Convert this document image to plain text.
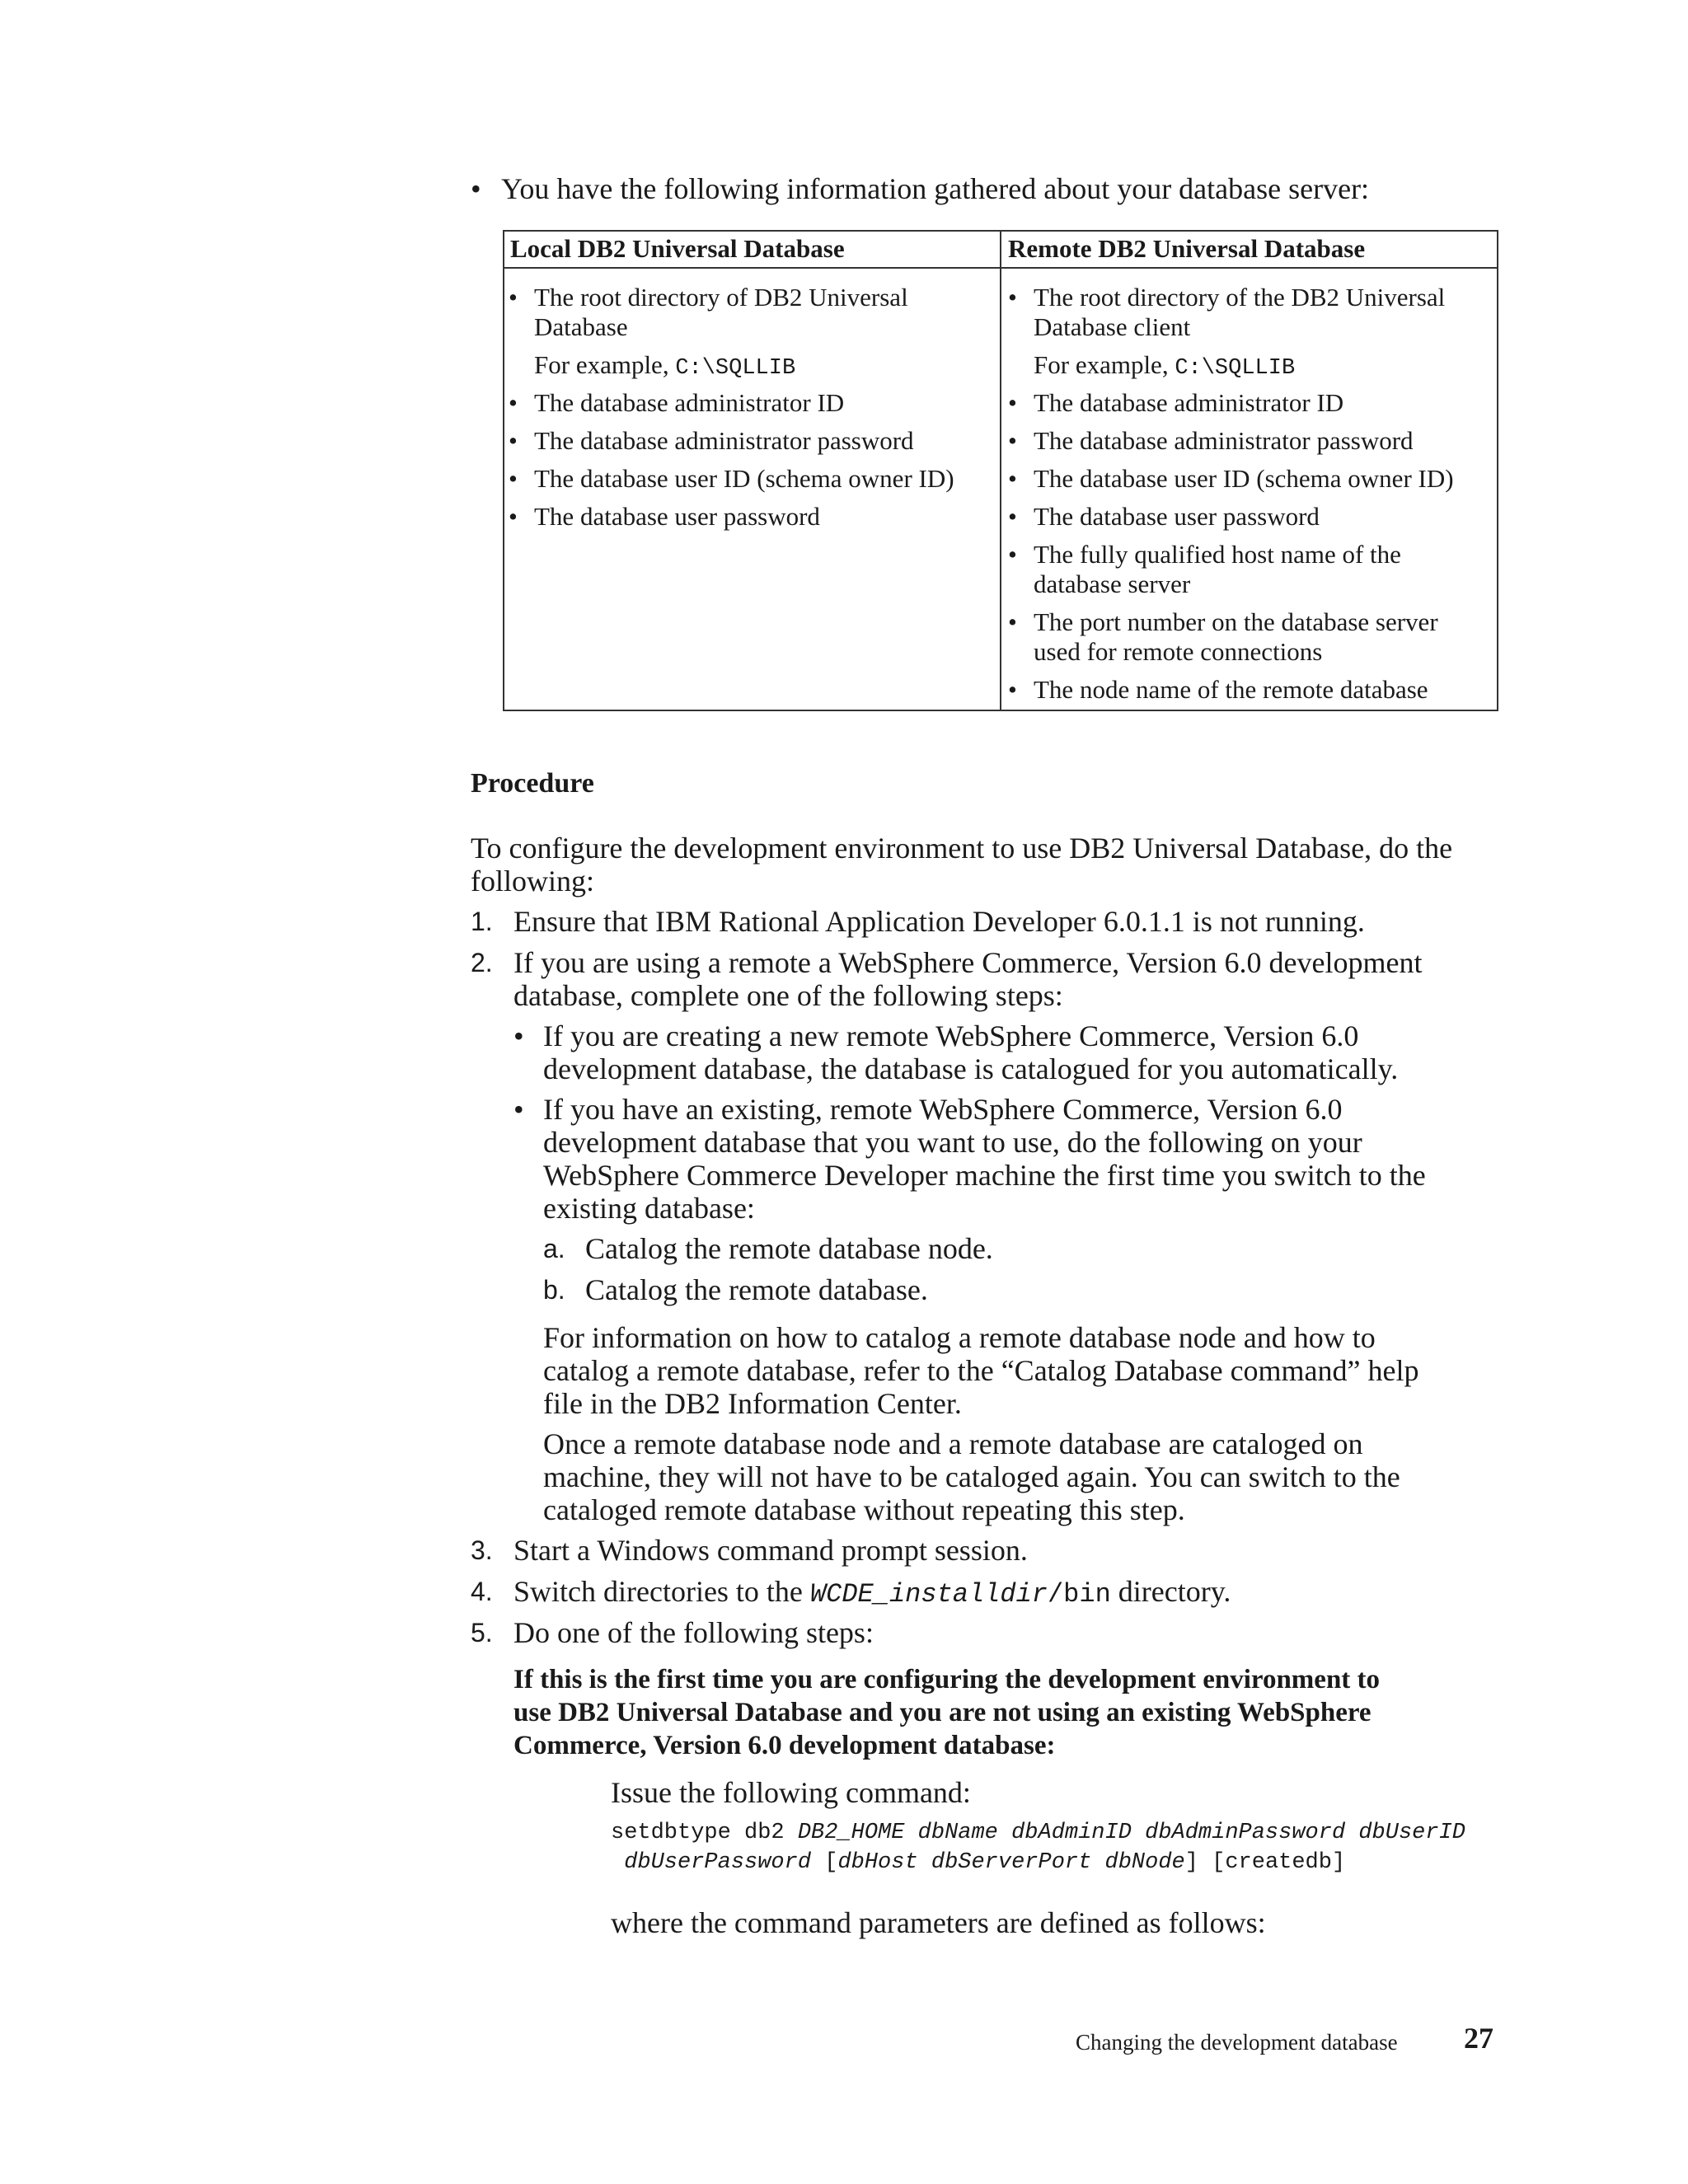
• You have the following information gathered about your database server:
Local DB2 Universal Database	Remote DB2 Universal Database
• The root directory of DB2 Universal
Database
For example, C:\SQLLIB
• The database administrator ID
• The database administrator password
• The database user ID (schema owner ID)
• The database user password
• The root directory of the DB2 Universal
Database client
For example, C:\SQLLIB
• The database administrator ID
• The database administrator password
• The database user ID (schema owner ID)
• The database user password
• The fully qualified host name of the
database server
• The port number on the database server
used for remote connections
• The node name of the remote database
Procedure
To configure the development environment to use DB2 Universal Database, do the
following:
1. Ensure that IBM Rational Application Developer 6.0.1.1 is not running.
2. If you are using a remote a WebSphere Commerce, Version 6.0 development
database, complete one of the following steps:
• If you are creating a new remote WebSphere Commerce, Version 6.0
development database, the database is catalogued for you automatically.
• If you have an existing, remote WebSphere Commerce, Version 6.0
development database that you want to use, do the following on your
WebSphere Commerce Developer machine the first time you switch to the
existing database:
a. Catalog the remote database node.
b. Catalog the remote database.
For information on how to catalog a remote database node and how to
catalog a remote database, refer to the “Catalog Database command” help
file in the DB2 Information Center.
Once a remote database node and a remote database are cataloged on
machine, they will not have to be cataloged again. You can switch to the
cataloged remote database without repeating this step.
3. Start a Windows command prompt session.
4. Switch directories to the WCDE_installdir/bin directory.
5. Do one of the following steps:
If this is the first time you are configuring the development environment to
use DB2 Universal Database and you are not using an existing WebSphere
Commerce, Version 6.0 development database:
Issue the following command:
setdbtype db2 DB2_HOME dbName dbAdminID dbAdminPassword dbUserID
dbUserPassword [dbHost dbServerPort dbNode] [createdb]
where the command parameters are defined as follows:
Changing the development database 27
